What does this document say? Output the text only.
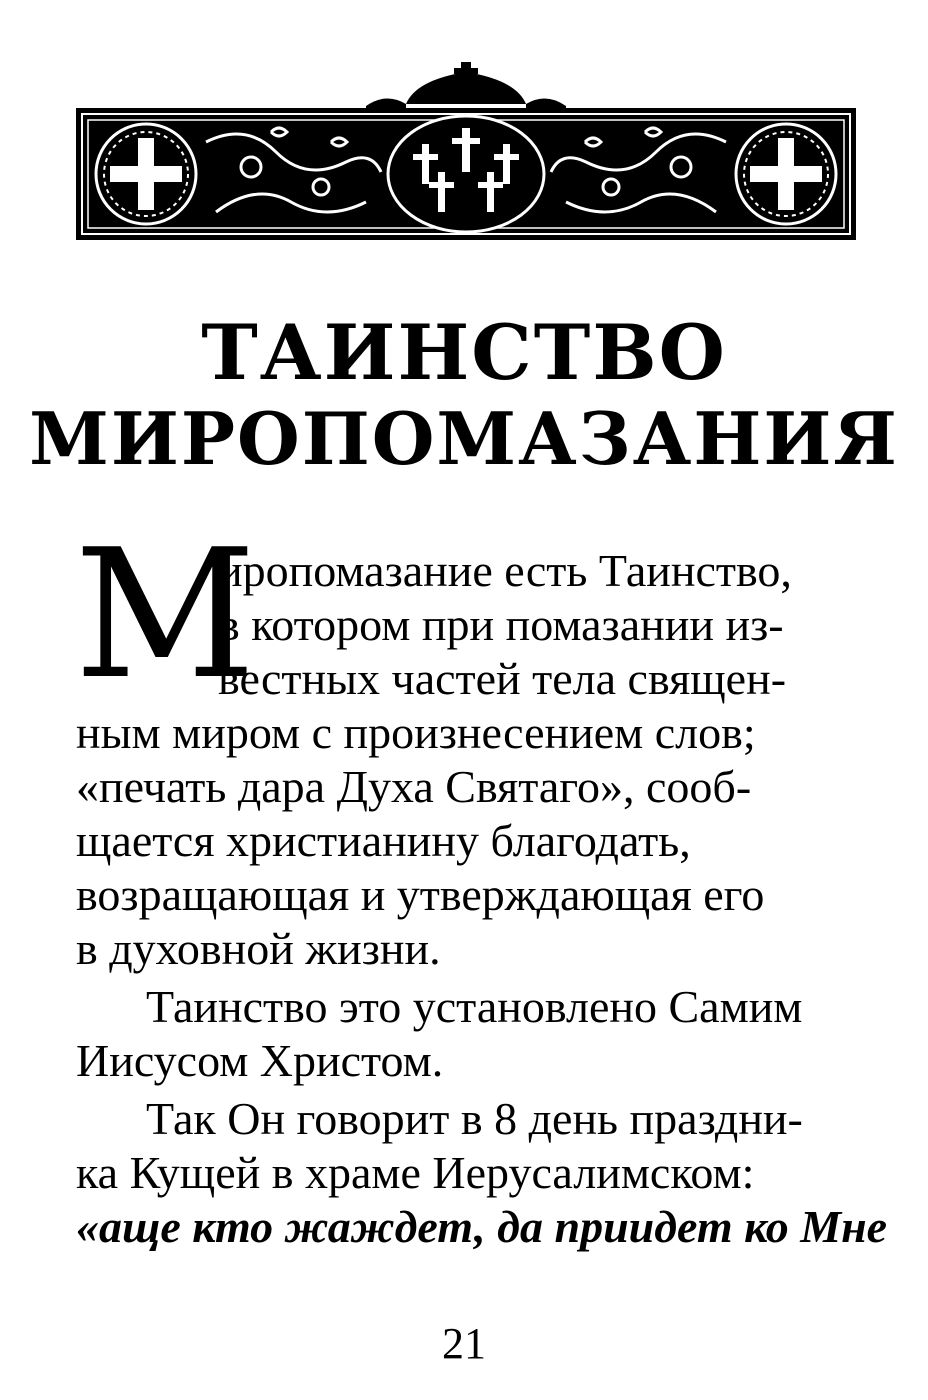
ТАИНСТВО
МИРОПОМАЗАНИЯ
М
иропомазание есть Таинство,
в котором при помазании из-
вестных частей тела священ-
ным миром с произнесением слов;
«печать дара Духа Святаго», сооб-
щается христианину благодать,
возращающая и утверждающая его
в духовной жизни.
Таинство это установлено Самим
Иисусом Христом.
Так Он говорит в 8 день праздни-
ка Кущей в храме Иерусалимском:
«аще кто жаждет, да приидет ко Мне
21
